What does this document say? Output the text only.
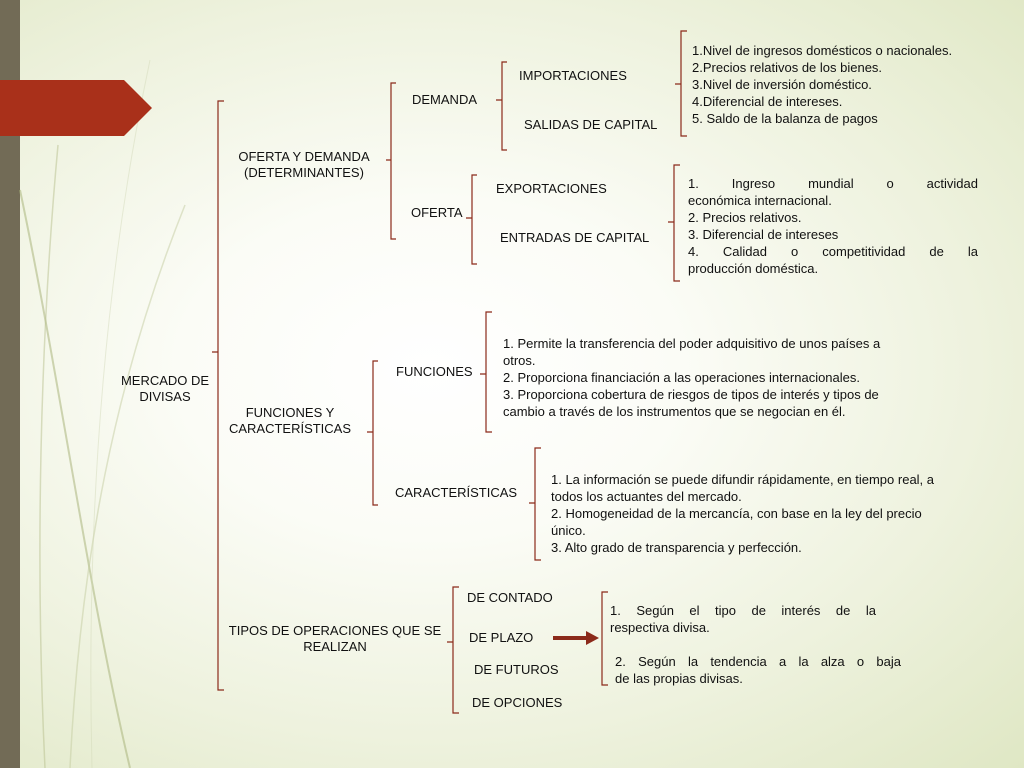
MERCADO DE
DIVISAS
OFERTA Y DEMANDA
(DETERMINANTES)
DEMANDA
IMPORTACIONES
SALIDAS DE CAPITAL
1.Nivel de ingresos domésticos o nacionales.
2.Precios relativos de los bienes.
3.Nivel de inversión doméstico.
4.Diferencial de intereses.
5. Saldo de la balanza de pagos
OFERTA
EXPORTACIONES
ENTRADAS DE CAPITAL
1. Ingreso mundial o actividad
económica internacional.
2. Precios relativos.
3. Diferencial de intereses
4. Calidad o competitividad de la
producción doméstica.
FUNCIONES Y
CARACTERÍSTICAS
FUNCIONES
1. Permite la transferencia del poder adquisitivo de unos países a
otros.
2. Proporciona financiación a las operaciones internacionales.
3. Proporciona cobertura de riesgos de tipos de interés y tipos de
cambio a través de los instrumentos que se negocian en él.
CARACTERÍSTICAS
1. La información se puede difundir rápidamente, en tiempo real, a
todos los actuantes del mercado.
2. Homogeneidad de la mercancía, con base en la ley del precio
único.
3. Alto grado de transparencia y perfección.
TIPOS DE OPERACIONES QUE SE
REALIZAN
DE CONTADO
DE PLAZO
DE FUTUROS
DE OPCIONES
1. Según el tipo de interés de la
respectiva divisa.
2. Según la tendencia a la alza o baja
de las propias divisas.
